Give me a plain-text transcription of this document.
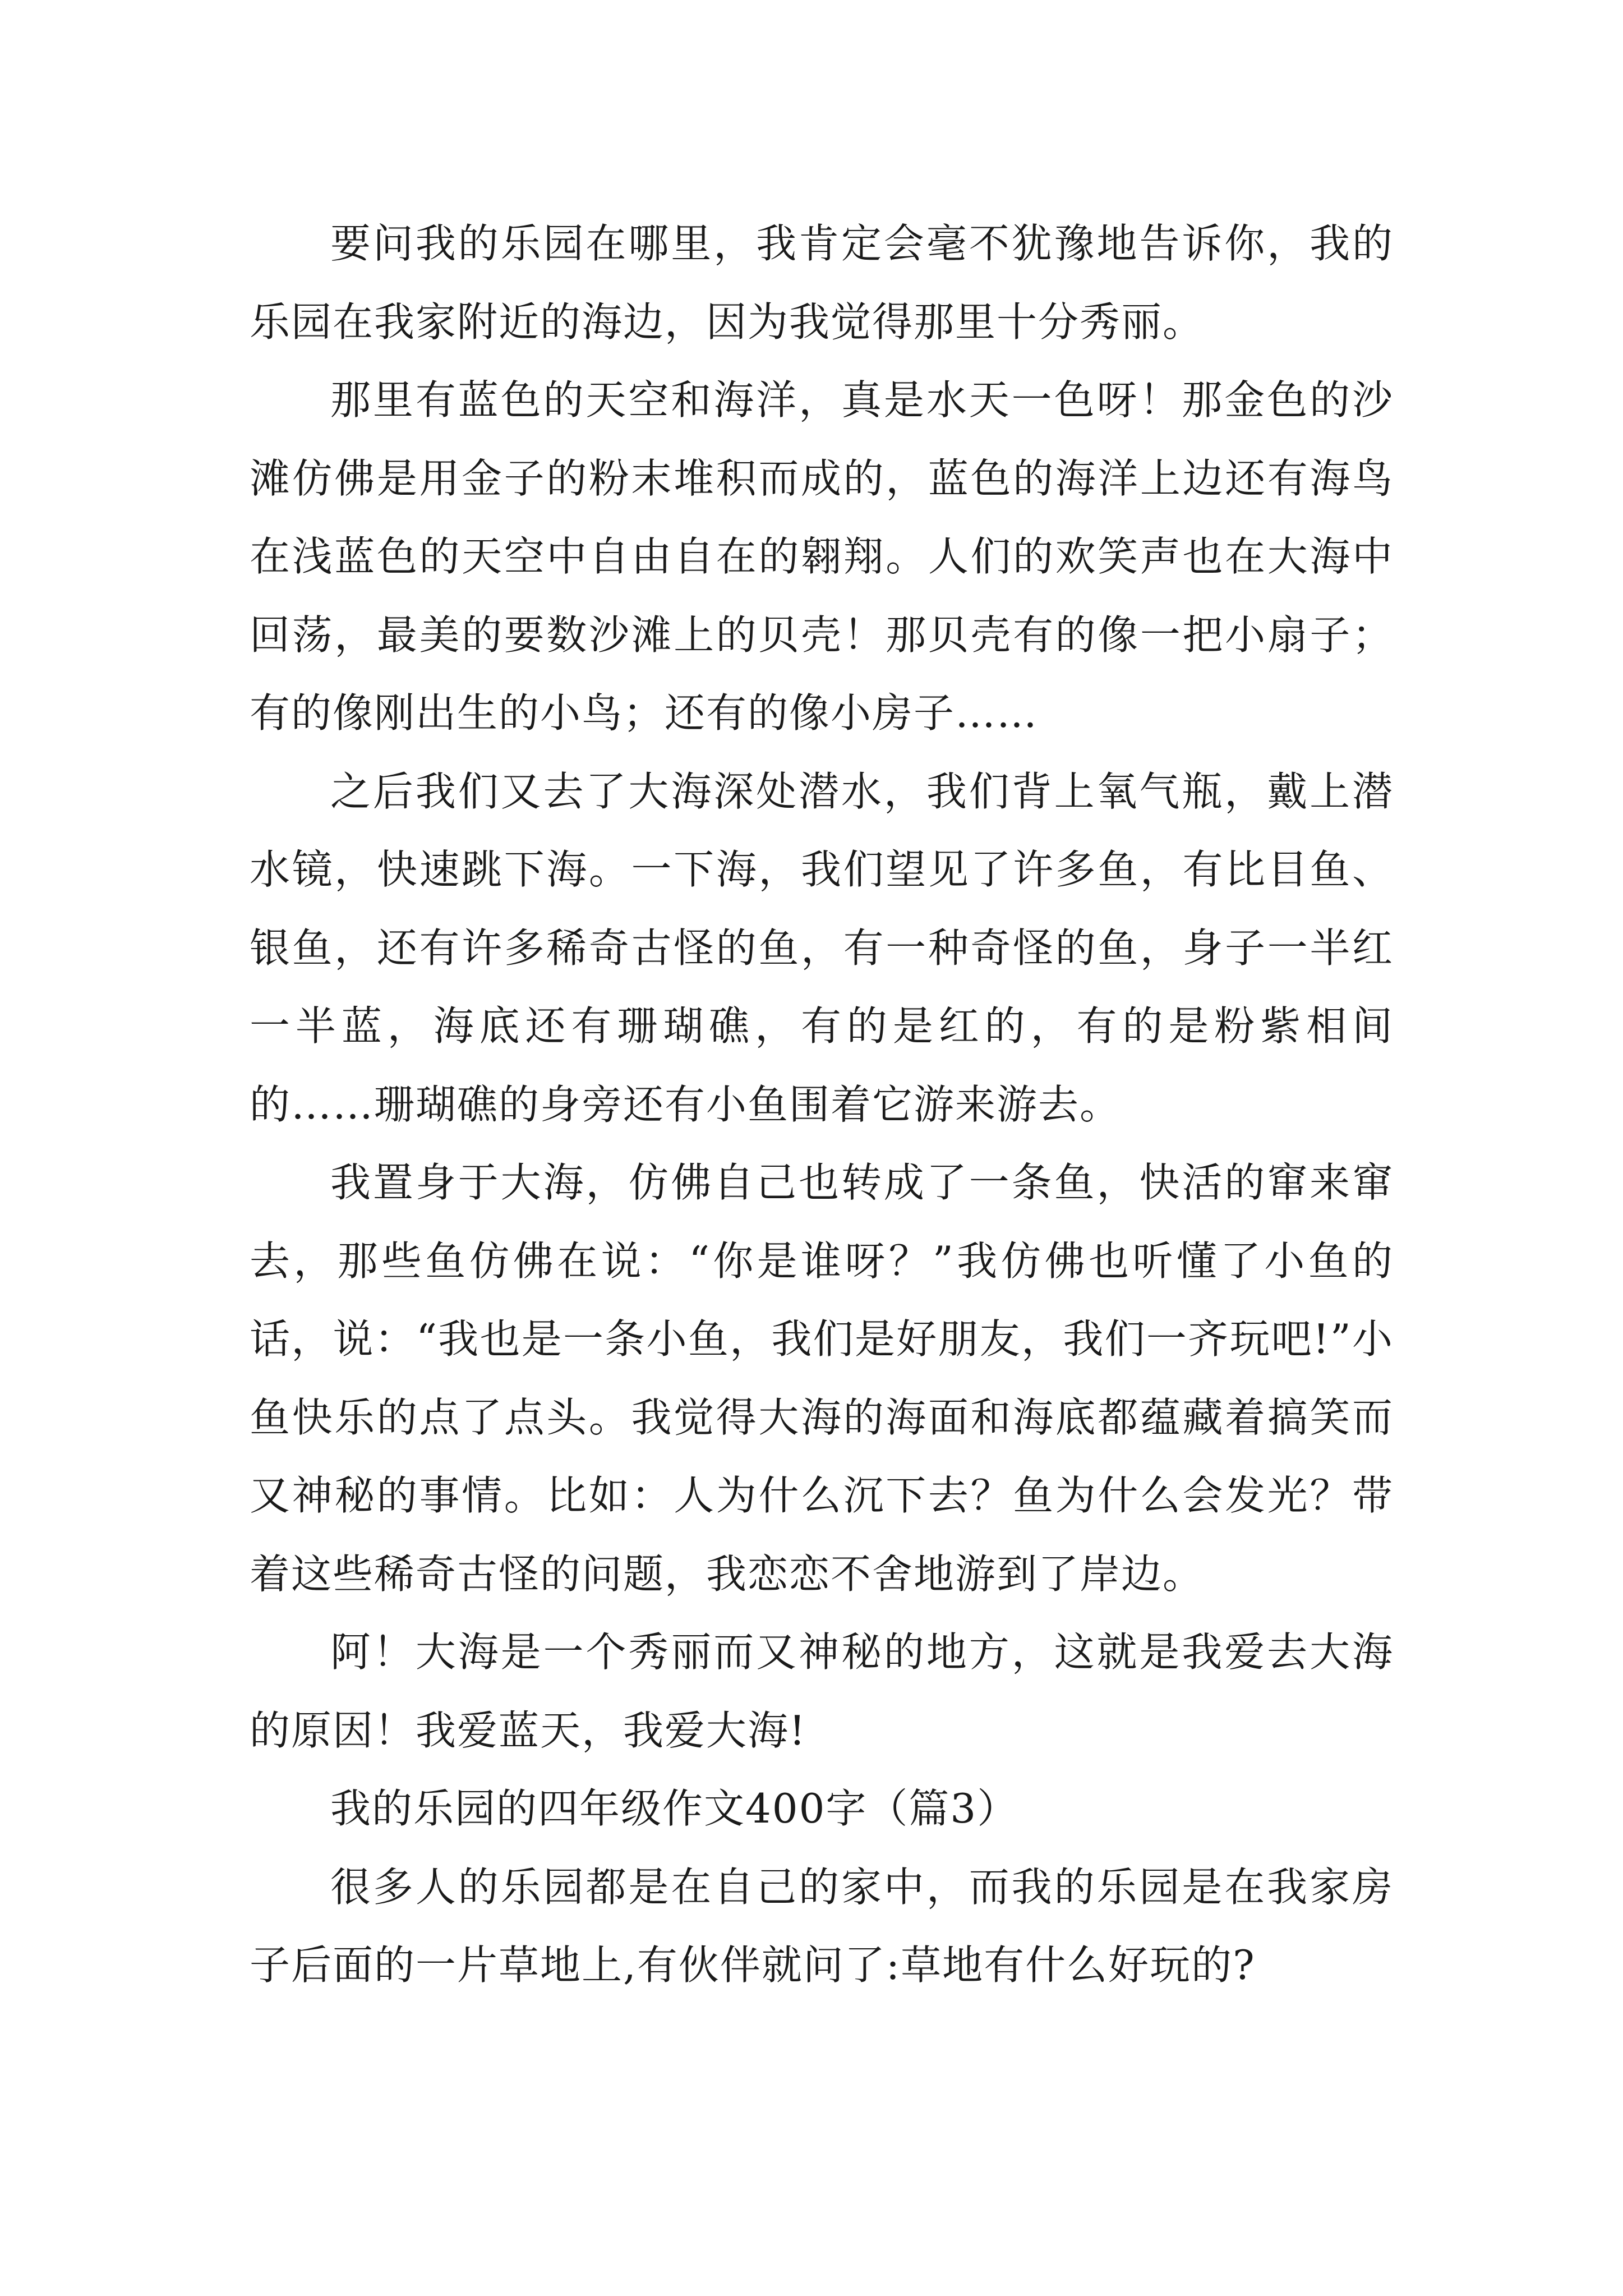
要问我的乐园在哪里，我肯定会毫不犹豫地告诉你，我的乐园在我家附近的海边，因为我觉得那里十分秀丽。

那里有蓝色的天空和海洋，真是水天一色呀！那金色的沙滩仿佛是用金子的粉末堆积而成的，蓝色的海洋上边还有海鸟在浅蓝色的天空中自由自在的翱翔。人们的欢笑声也在大海中回荡，最美的要数沙滩上的贝壳！那贝壳有的像一把小扇子；有的像刚出生的小鸟；还有的像小房子……

之后我们又去了大海深处潜水，我们背上氧气瓶，戴上潜水镜，快速跳下海。一下海，我们望见了许多鱼，有比目鱼、银鱼，还有许多稀奇古怪的鱼，有一种奇怪的鱼，身子一半红一半蓝，海底还有珊瑚礁，有的是红的，有的是粉紫相间的……珊瑚礁的身旁还有小鱼围着它游来游去。

我置身于大海，仿佛自己也转成了一条鱼，快活的窜来窜去，那些鱼仿佛在说：“你是谁呀？”我仿佛也听懂了小鱼的话，说：“我也是一条小鱼，我们是好朋友，我们一齐玩吧!”小鱼快乐的点了点头。我觉得大海的海面和海底都蕴藏着搞笑而又神秘的事情。比如：人为什么沉下去？鱼为什么会发光？带着这些稀奇古怪的问题，我恋恋不舍地游到了岸边。

阿！大海是一个秀丽而又神秘的地方，这就是我爱去大海的原因！我爱蓝天，我爱大海!

我的乐园的四年级作文400字（篇3）

很多人的乐园都是在自己的家中，而我的乐园是在我家房子后面的一片草地上,有伙伴就问了:草地有什么好玩的?
